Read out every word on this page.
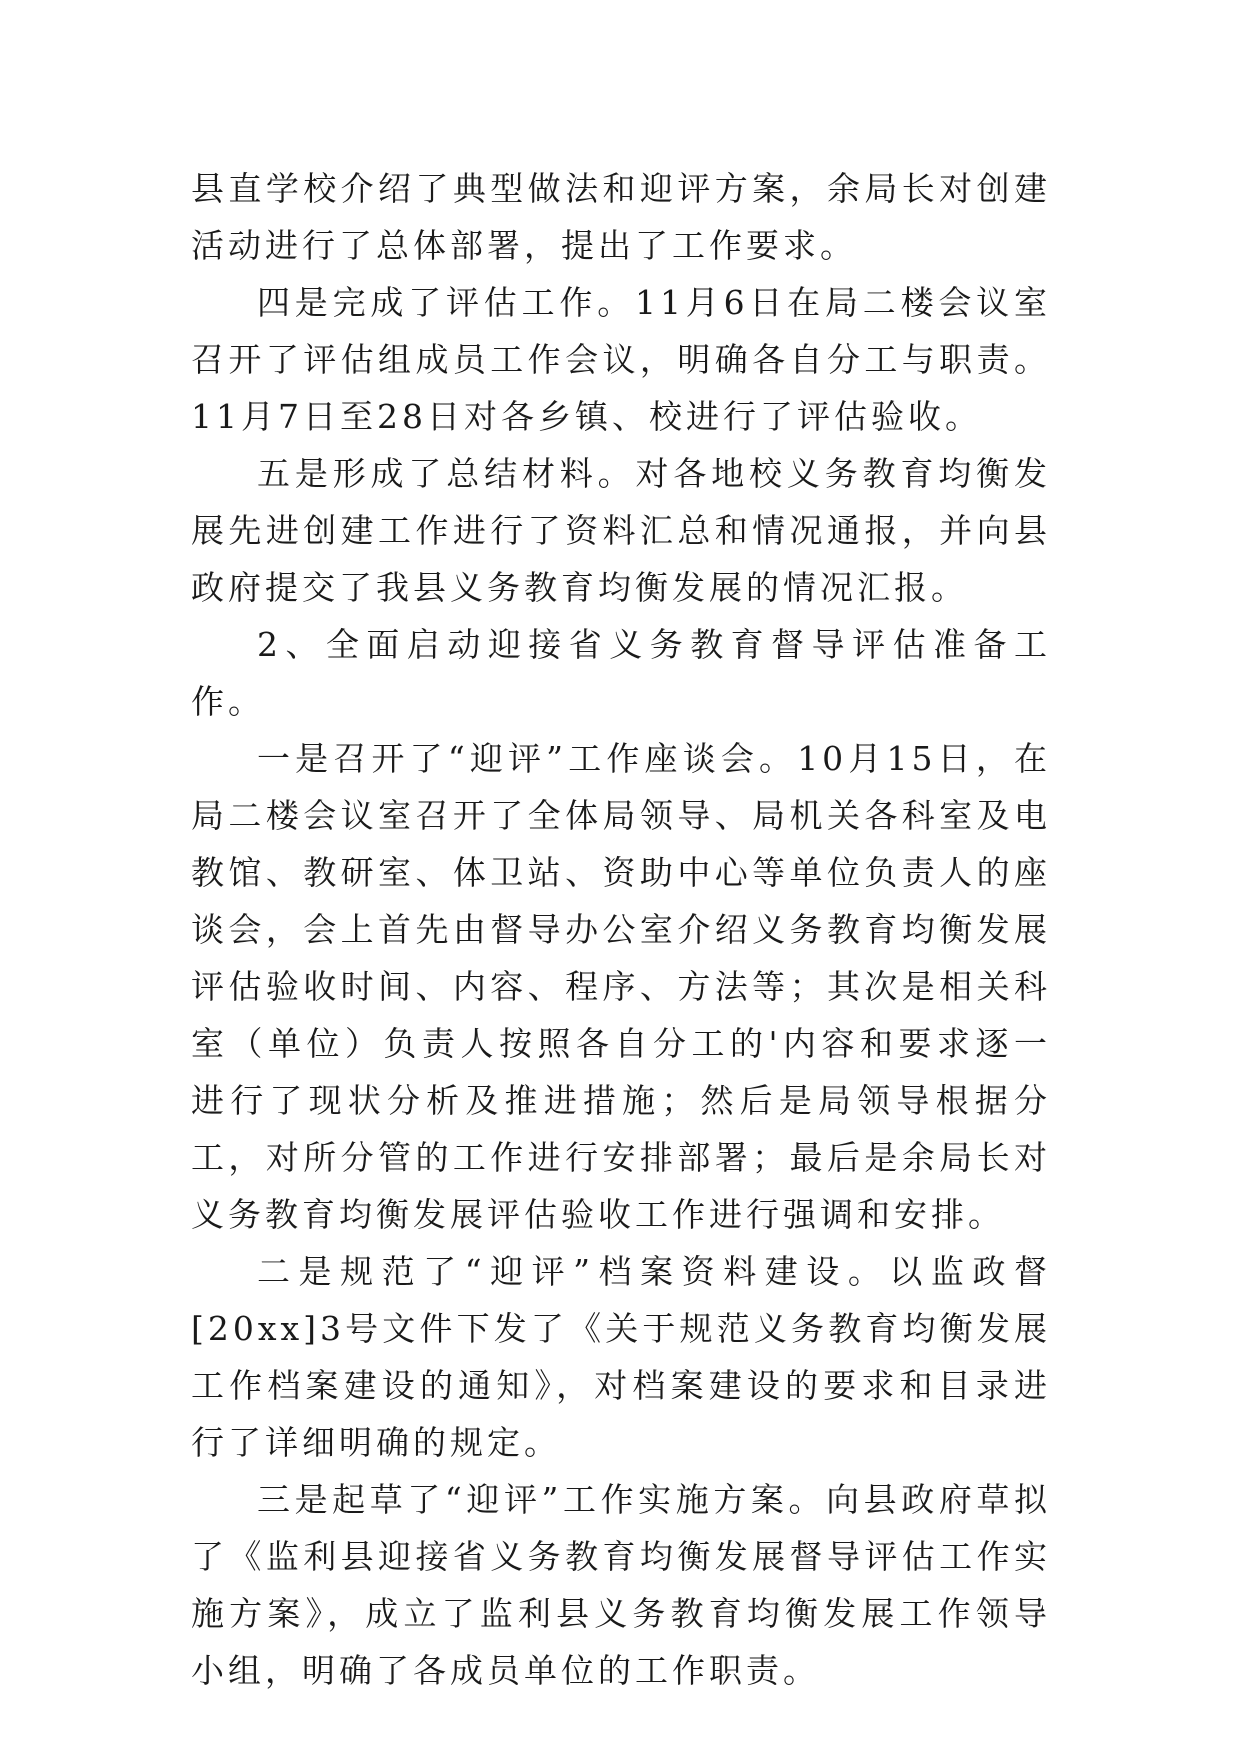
县直学校介绍了典型做法和迎评方案，余局长对创建活动进行了总体部署，提出了工作要求。

四是完成了评估工作。11月6日在局二楼会议室召开了评估组成员工作会议，明确各自分工与职责。11月7日至28日对各乡镇、校进行了评估验收。

五是形成了总结材料。对各地校义务教育均衡发展先进创建工作进行了资料汇总和情况通报，并向县政府提交了我县义务教育均衡发展的情况汇报。

2、全面启动迎接省义务教育督导评估准备工作。

一是召开了“迎评”工作座谈会。10月15日，在局二楼会议室召开了全体局领导、局机关各科室及电教馆、教研室、体卫站、资助中心等单位负责人的座谈会，会上首先由督导办公室介绍义务教育均衡发展评估验收时间、内容、程序、方法等；其次是相关科室（单位）负责人按照各自分工的'内容和要求逐一进行了现状分析及推进措施；然后是局领导根据分工，对所分管的工作进行安排部署；最后是余局长对义务教育均衡发展评估验收工作进行强调和安排。

二是规范了“迎评”档案资料建设。以监政督[20xx]3号文件下发了《关于规范义务教育均衡发展工作档案建设的通知》，对档案建设的要求和目录进行了详细明确的规定。

三是起草了“迎评”工作实施方案。向县政府草拟了《监利县迎接省义务教育均衡发展督导评估工作实施方案》，成立了监利县义务教育均衡发展工作领导小组，明确了各成员单位的工作职责。
